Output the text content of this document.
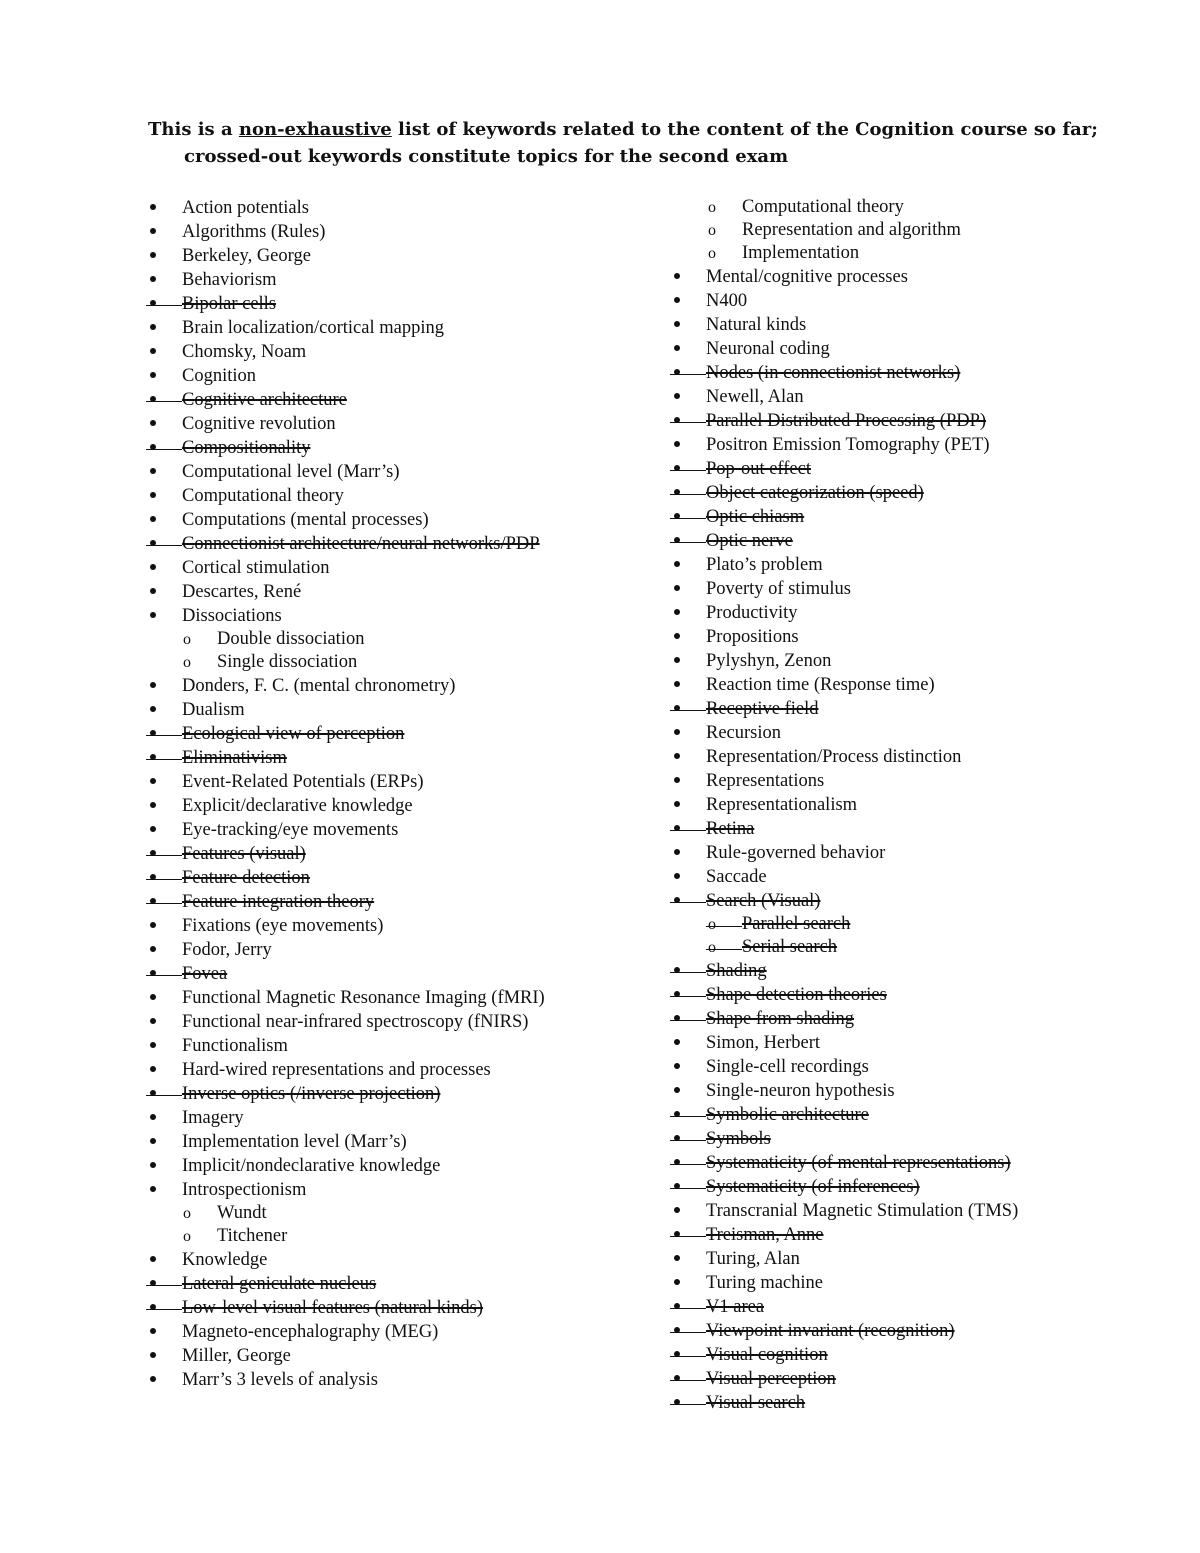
This is a non-exhaustive list of keywords related to the content of the Cognition course so far; crossed-out keywords constitute topics for the second exam

Action potentials
Algorithms (Rules)
Berkeley, George
Behaviorism
Bipolar cells
Brain localization/cortical mapping
Chomsky, Noam
Cognition
Cognitive architecture
Cognitive revolution
Compositionality
Computational level (Marr’s)
Computational theory
Computations (mental processes)
Connectionist architecture/neural networks/PDP
Cortical stimulation
Descartes, René
Dissociations
o Double dissociation
o Single dissociation
Donders, F. C. (mental chronometry)
Dualism
Ecological view of perception
Eliminativism
Event-Related Potentials (ERPs)
Explicit/declarative knowledge
Eye-tracking/eye movements
Features (visual)
Feature detection
Feature integration theory
Fixations (eye movements)
Fodor, Jerry
Fovea
Functional Magnetic Resonance Imaging (fMRI)
Functional near-infrared spectroscopy (fNIRS)
Functionalism
Hard-wired representations and processes
Inverse optics (/inverse projection)
Imagery
Implementation level (Marr’s)
Implicit/nondeclarative knowledge
Introspectionism
o Wundt
o Titchener
Knowledge
Lateral geniculate nucleus
Low-level visual features (natural kinds)
Magneto-encephalography (MEG)
Miller, George
Marr’s 3 levels of analysis
o Computational theory
o Representation and algorithm
o Implementation
Mental/cognitive processes
N400
Natural kinds
Neuronal coding
Nodes (in connectionist networks)
Newell, Alan
Parallel Distributed Processing (PDP)
Positron Emission Tomography (PET)
Pop-out effect
Object categorization (speed)
Optic chiasm
Optic nerve
Plato’s problem
Poverty of stimulus
Productivity
Propositions
Pylyshyn, Zenon
Reaction time (Response time)
Receptive field
Recursion
Representation/Process distinction
Representations
Representationalism
Retina
Rule-governed behavior
Saccade
Search (Visual)
o Parallel search
o Serial search
Shading
Shape detection theories
Shape from shading
Simon, Herbert
Single-cell recordings
Single-neuron hypothesis
Symbolic architecture
Symbols
Systematicity (of mental representations)
Systematicity (of inferences)
Transcranial Magnetic Stimulation (TMS)
Treisman, Anne
Turing, Alan
Turing machine
V1 area
Viewpoint invariant (recognition)
Visual cognition
Visual perception
Visual search
